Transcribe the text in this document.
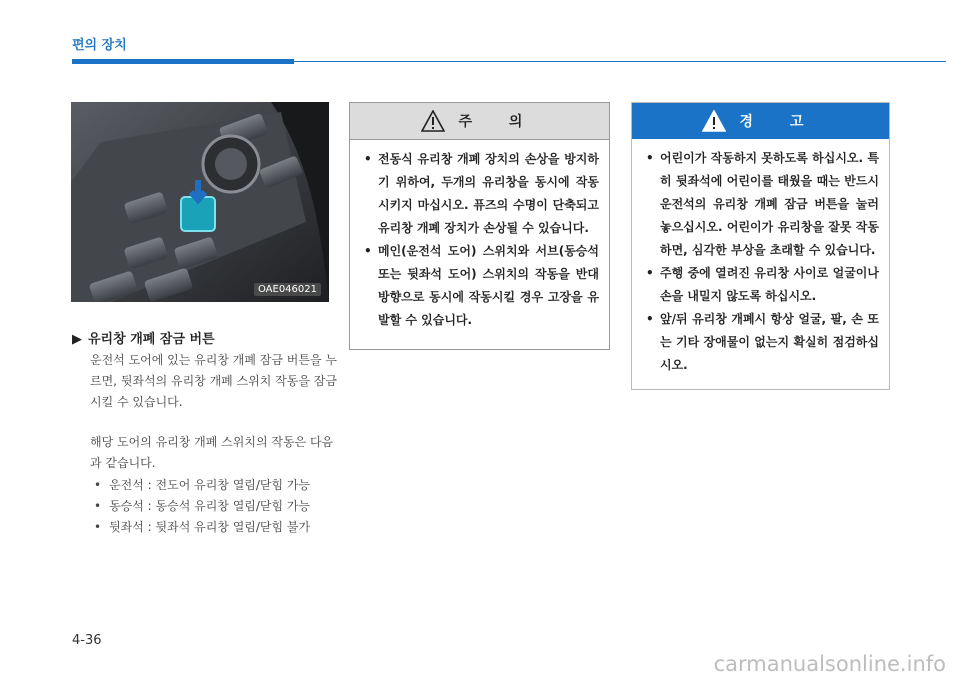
편의 장치
OAE046021
▶ 유리창 개폐 잠금 버튼
운전석 도어에 있는 유리창 개폐 잠금 버튼을 누르면, 뒷좌석의 유리창 개폐 스위치 작동을 잠금 시킬 수 있습니다.
해당 도어의 유리창 개폐 스위치의 작동은 다음과 같습니다.
• 운전석 : 전도어 유리창 열림/닫힘 가능
• 동승석 : 동승석 유리창 열림/닫힘 가능
• 뒷좌석 : 뒷좌석 유리창 열림/닫힘 불가
주 의
• 전동식 유리창 개폐 장치의 손상을 방지하기 위하여, 두개의 유리창을 동시에 작동시키지 마십시오. 퓨즈의 수명이 단축되고 유리창 개폐 장치가 손상될 수 있습니다.
• 메인(운전석 도어) 스위치와 서브(동승석 또는 뒷좌석 도어) 스위치의 작동을 반대방향으로 동시에 작동시킬 경우 고장을 유발할 수 있습니다.
경 고
• 어린이가 작동하지 못하도록 하십시오. 특히 뒷좌석에 어린이를 태웠을 때는 반드시 운전석의 유리창 개폐 잠금 버튼을 눌러 놓으십시오. 어린이가 유리창을 잘못 작동하면, 심각한 부상을 초래할 수 있습니다.
• 주행 중에 열려진 유리창 사이로 얼굴이나 손을 내밀지 않도록 하십시오.
• 앞/뒤 유리창 개폐시 항상 얼굴, 팔, 손 또는 기타 장애물이 없는지 확실히 점검하십시오.
4-36
carmanualsonline.info
